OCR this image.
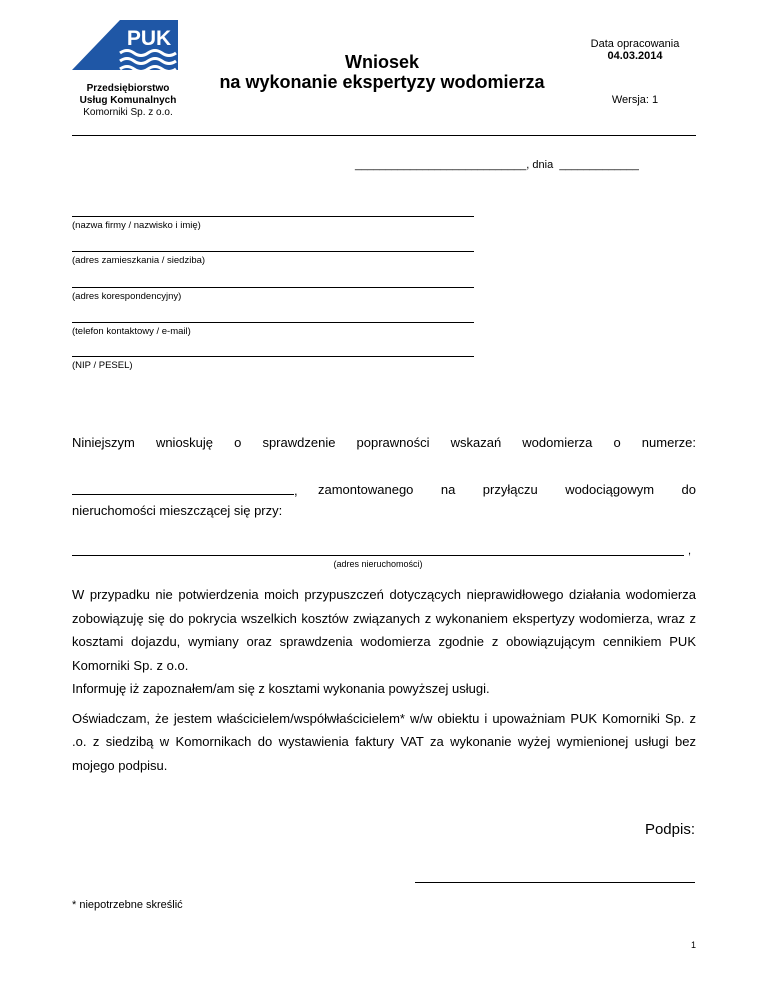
PUK
Przedsiębiorstwo
Usług Komunalnych
Komorniki Sp. z o.o.
Wniosek
na wykonanie ekspertyzy wodomierza
Data opracowania
04.03.2014
Wersja: 1
____________________________, dnia  _____________
(nazwa firmy / nazwisko i imię)
(adres zamieszkania / siedziba)
(adres korespondencyjny)
(telefon kontaktowy / e-mail)
(NIP / PESEL)
Niniejszym wnioskuję o sprawdzenie poprawności wskazań wodomierza o numerze:
, zamontowanego na przyłączu wodociągowym do
nieruchomości mieszczącej się przy:
,
(adres nieruchomości)

W przypadku nie potwierdzenia moich przypuszczeń dotyczących nieprawidłowego działania wodomierza zobowiązuję się do pokrycia wszelkich kosztów związanych z wykonaniem ekspertyzy wodomierza, wraz z kosztami dojazdu, wymiany oraz sprawdzenia wodomierza zgodnie z obowiązującym cennikiem PUK Komorniki Sp. z o.o.

Informuję iż zapoznałem/am się z kosztami wykonania powyższej usługi.

Oświadczam, że jestem właścicielem/współwłaścicielem* w/w obiektu i upoważniam PUK Komorniki Sp. z .o. z siedzibą w Komornikach do wystawienia faktury VAT za wykonanie wyżej wymienionej usługi bez mojego podpisu.

Podpis:
* niepotrzebne skreślić
1
